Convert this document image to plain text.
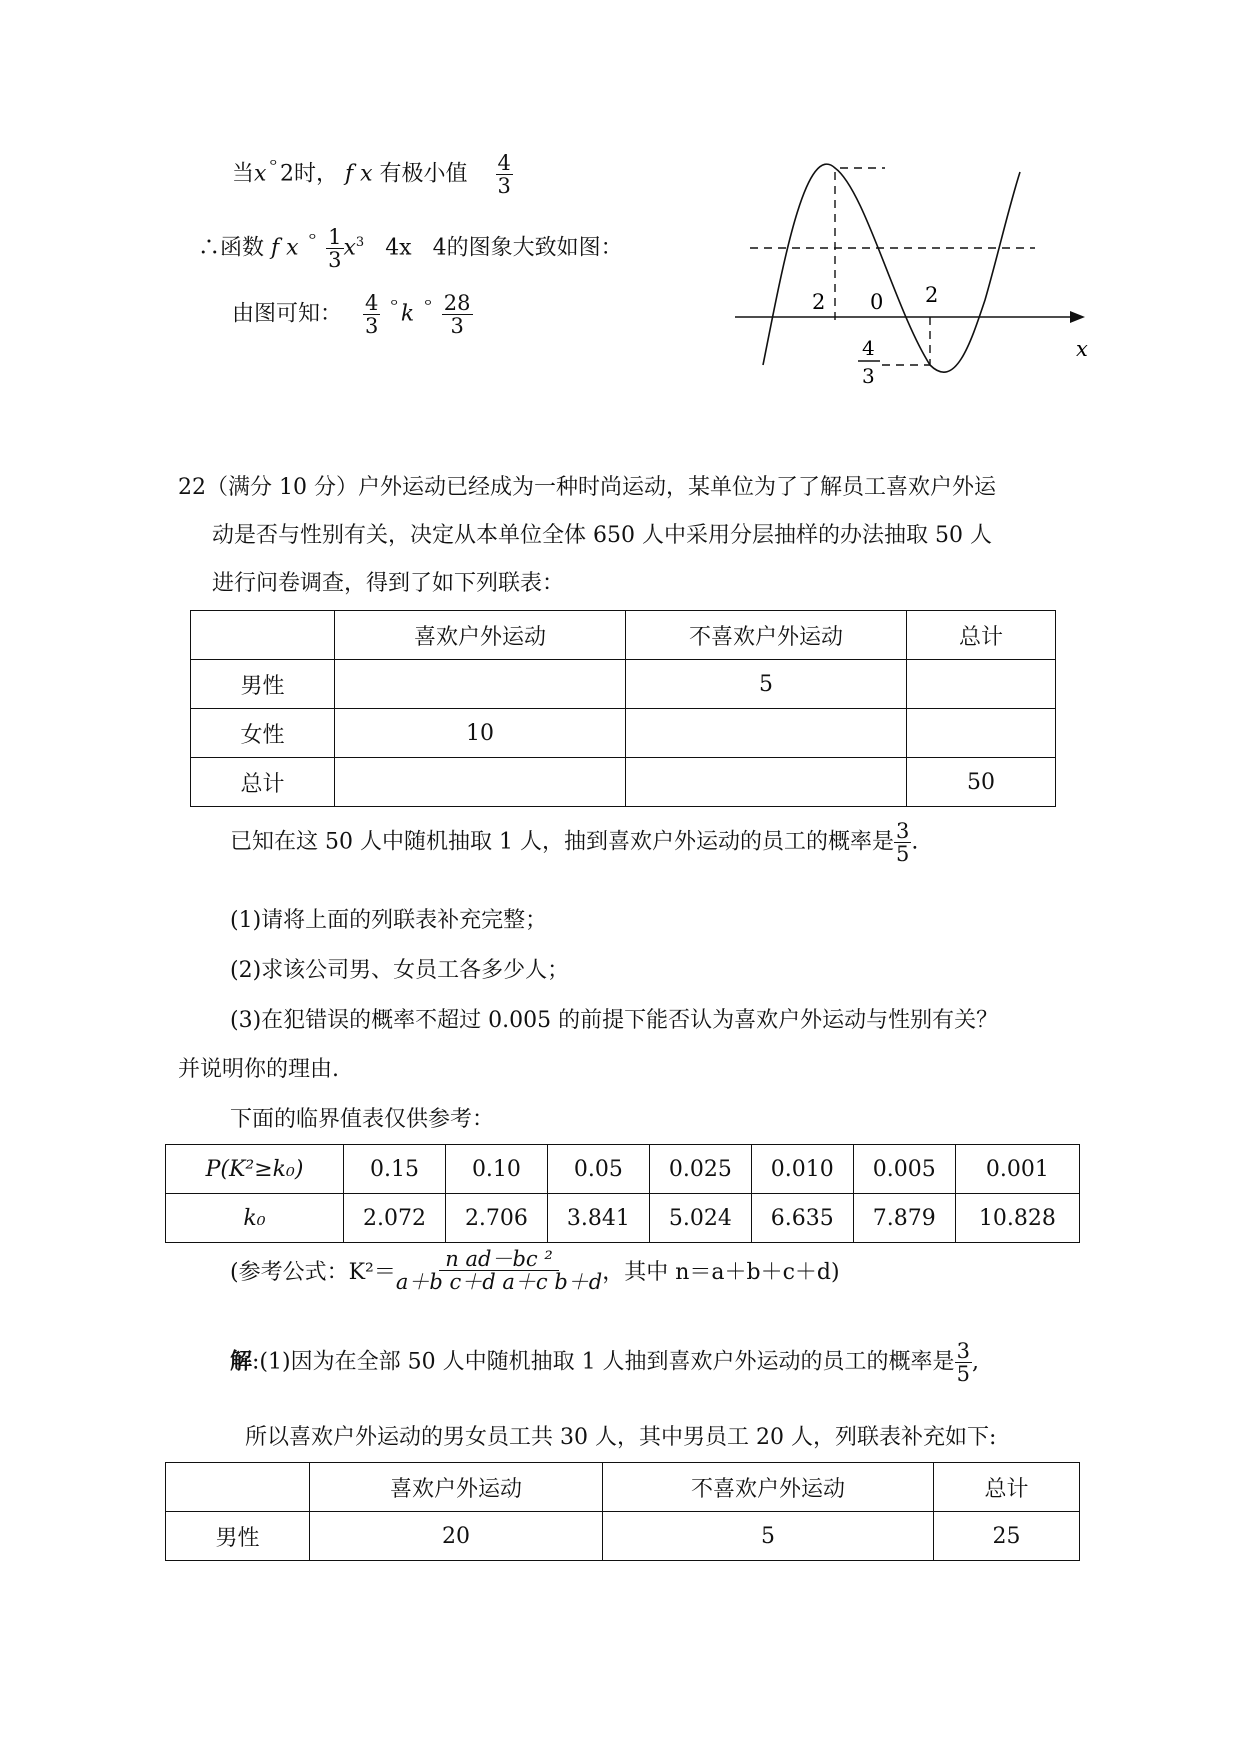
当$x^ᄋ2$时， f x 有极小值 $\frac{4}{3}$
∴函数 f x $^ᄋ \frac{1}{3} x^3$ 4x 4的图象大致如图：
由图可知： $\frac{4}{3} ^ᄋk$ $^ᄋ \frac{28}{3}$	2 0 2
x
4
3
22（满分 10 分）户外运动已经成为一种时尚运动，某单位为了了解员工喜欢户外运
动是否与性别有关，决定从本单位全体 650 人中采用分层抽样的办法抽取 50 人
进行问卷调查，得到了如下列联表：
	喜欢户外运动	不喜欢户外运动	总计
男性		5	
女性	10		
总计			50
已知在这 50 人中随机抽取 1 人，抽到喜欢户外运动的员工的概率是 $\frac{3}{5}$ .
(1)请将上面的列联表补充完整；
(2)求该公司男、女员工各多少人；
(3)在犯错误的概率不超过 0.005 的前提下能否认为喜欢户外运动与性别有关？
并说明你的理由.
下面的临界值表仅供参考：
P(K²≥k₀)	0.15	0.10	0.05	0.025	0.010	0.005	0.001
k₀	2.072	2.706	3.841	5.024	6.635	7.879	10.828
(参考公式：$K^2= \frac{\text{n ad－bc ²}}{\text{a＋b c＋d a＋c b＋d}}$ ，其中 n＝a＋b＋c＋d)
解:(1)因为在全部 50 人中随机抽取 1 人抽到喜欢户外运动的员工的概率是 $\frac{3}{5}$ ,
所以喜欢户外运动的男女员工共 30 人，其中男员工 20 人，列联表补充如下:
	喜欢户外运动	不喜欢户外运动	总计
男性	20	5	25
